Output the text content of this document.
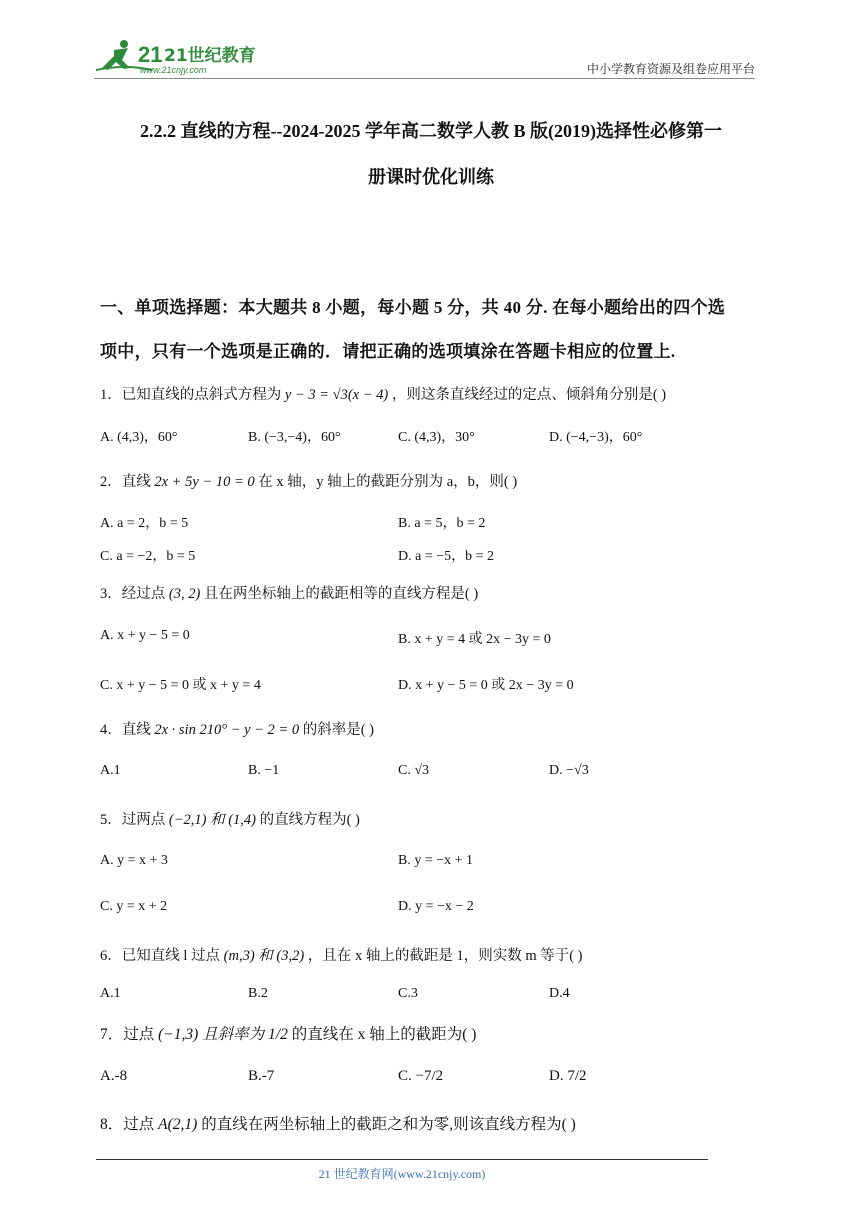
21 21世纪教育
www.21cnjy.com	中小学教育资源及组卷应用平台
2.2.2 直线的方程--2024-2025 学年高二数学人教 B 版(2019)选择性必修第一
册课时优化训练
一、单项选择题：本大题共 8 小题，每小题 5 分，共 40 分. 在每小题给出的四个选
项中，只有一个选项是正确的．请把正确的选项填涂在答题卡相应的位置上.
1．已知直线的点斜式方程为 y − 3 = √3(x − 4) ，则这条直线经过的定点、倾斜角分别是( )
A. (4,3)，60°	B. (−3,−4)，60°	C. (4,3)，30°	D. (−4,−3)，60°
2．直线 2x + 5y − 10 = 0 在 x 轴，y 轴上的截距分别为 a，b，则( )
A. a = 2，b = 5	B. a = 5，b = 2
C. a = −2，b = 5	D. a = −5，b = 2
3．经过点 (3, 2) 且在两坐标轴上的截距相等的直线方程是( )
A. x + y − 5 = 0	B. x + y = 4 或 2x − 3y = 0
C. x + y − 5 = 0 或 x + y = 4	D. x + y − 5 = 0 或 2x − 3y = 0
4．直线 2x · sin 210° − y − 2 = 0 的斜率是( )
A.1	B. −1	C. √3	D. −√3
5．过两点 (−2,1) 和 (1,4) 的直线方程为( )
A. y = x + 3	B. y = −x + 1
C. y = x + 2	D. y = −x − 2
6．已知直线 l 过点 (m,3) 和 (3,2) ，且在 x 轴上的截距是 1，则实数 m 等于( )
A.1	B.2	C.3	D.4
7．过点 (−1,3) 且斜率为 1/2 的直线在 x 轴上的截距为( )
A.-8	B.-7	C. −7/2	D. 7/2
8．过点 A(2,1) 的直线在两坐标轴上的截距之和为零,则该直线方程为( )
21 世纪教育网(www.21cnjy.com)
